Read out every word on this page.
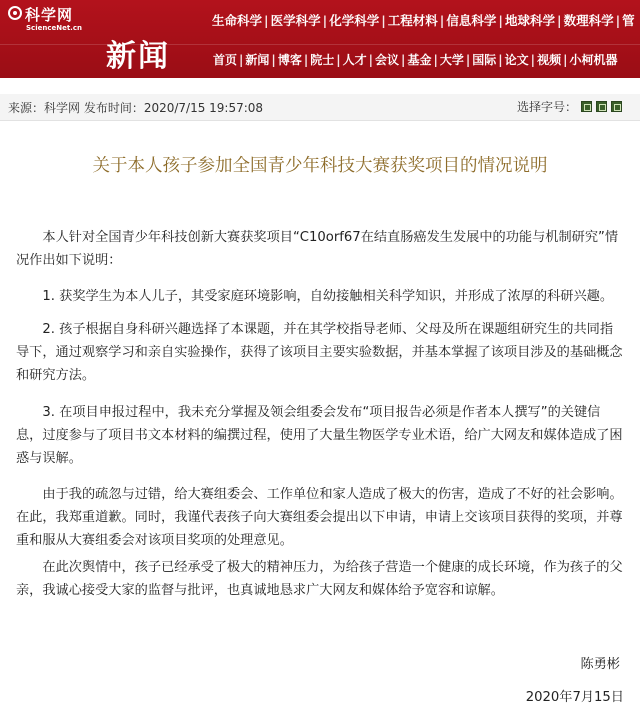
科学网
ScienceNet.cn
新闻
生命科学 | 医学科学 | 化学科学 | 工程材料 | 信息科学 | 地球科学 | 数理科学 | 管
首页 | 新闻 | 博客 | 院士 | 人才 | 会议 | 基金 | 大学 | 国际 | 论文 | 视频 | 小柯机器
来源：科学网 发布时间：2020/7/15 19:57:08	选择字号：
关于本人孩子参加全国青少年科技大赛获奖项目的情况说明

本人针对全国青少年科技创新大赛获奖项目“C10orf67在结直肠癌发生发展中的功能与机制研究”情况作出如下说明：

1. 获奖学生为本人儿子，其受家庭环境影响，自幼接触相关科学知识，并形成了浓厚的科研兴趣。

2. 孩子根据自身科研兴趣选择了本课题，并在其学校指导老师、父母及所在课题组研究生的共同指导下，通过观察学习和亲自实验操作，获得了该项目主要实验数据，并基本掌握了该项目涉及的基础概念和研究方法。

3. 在项目申报过程中，我未充分掌握及领会组委会发布“项目报告必须是作者本人撰写”的关键信息，过度参与了项目书文本材料的编撰过程，使用了大量生物医学专业术语，给广大网友和媒体造成了困惑与误解。

由于我的疏忽与过错，给大赛组委会、工作单位和家人造成了极大的伤害，造成了不好的社会影响。在此，我郑重道歉。同时，我谨代表孩子向大赛组委会提出以下申请，申请上交该项目获得的奖项，并尊重和服从大赛组委会对该项目奖项的处理意见。

在此次舆情中，孩子已经承受了极大的精神压力，为给孩子营造一个健康的成长环境，作为孩子的父亲，我诚心接受大家的监督与批评，也真诚地恳求广大网友和媒体给予宽容和谅解。

陈勇彬
2020年7月15日
